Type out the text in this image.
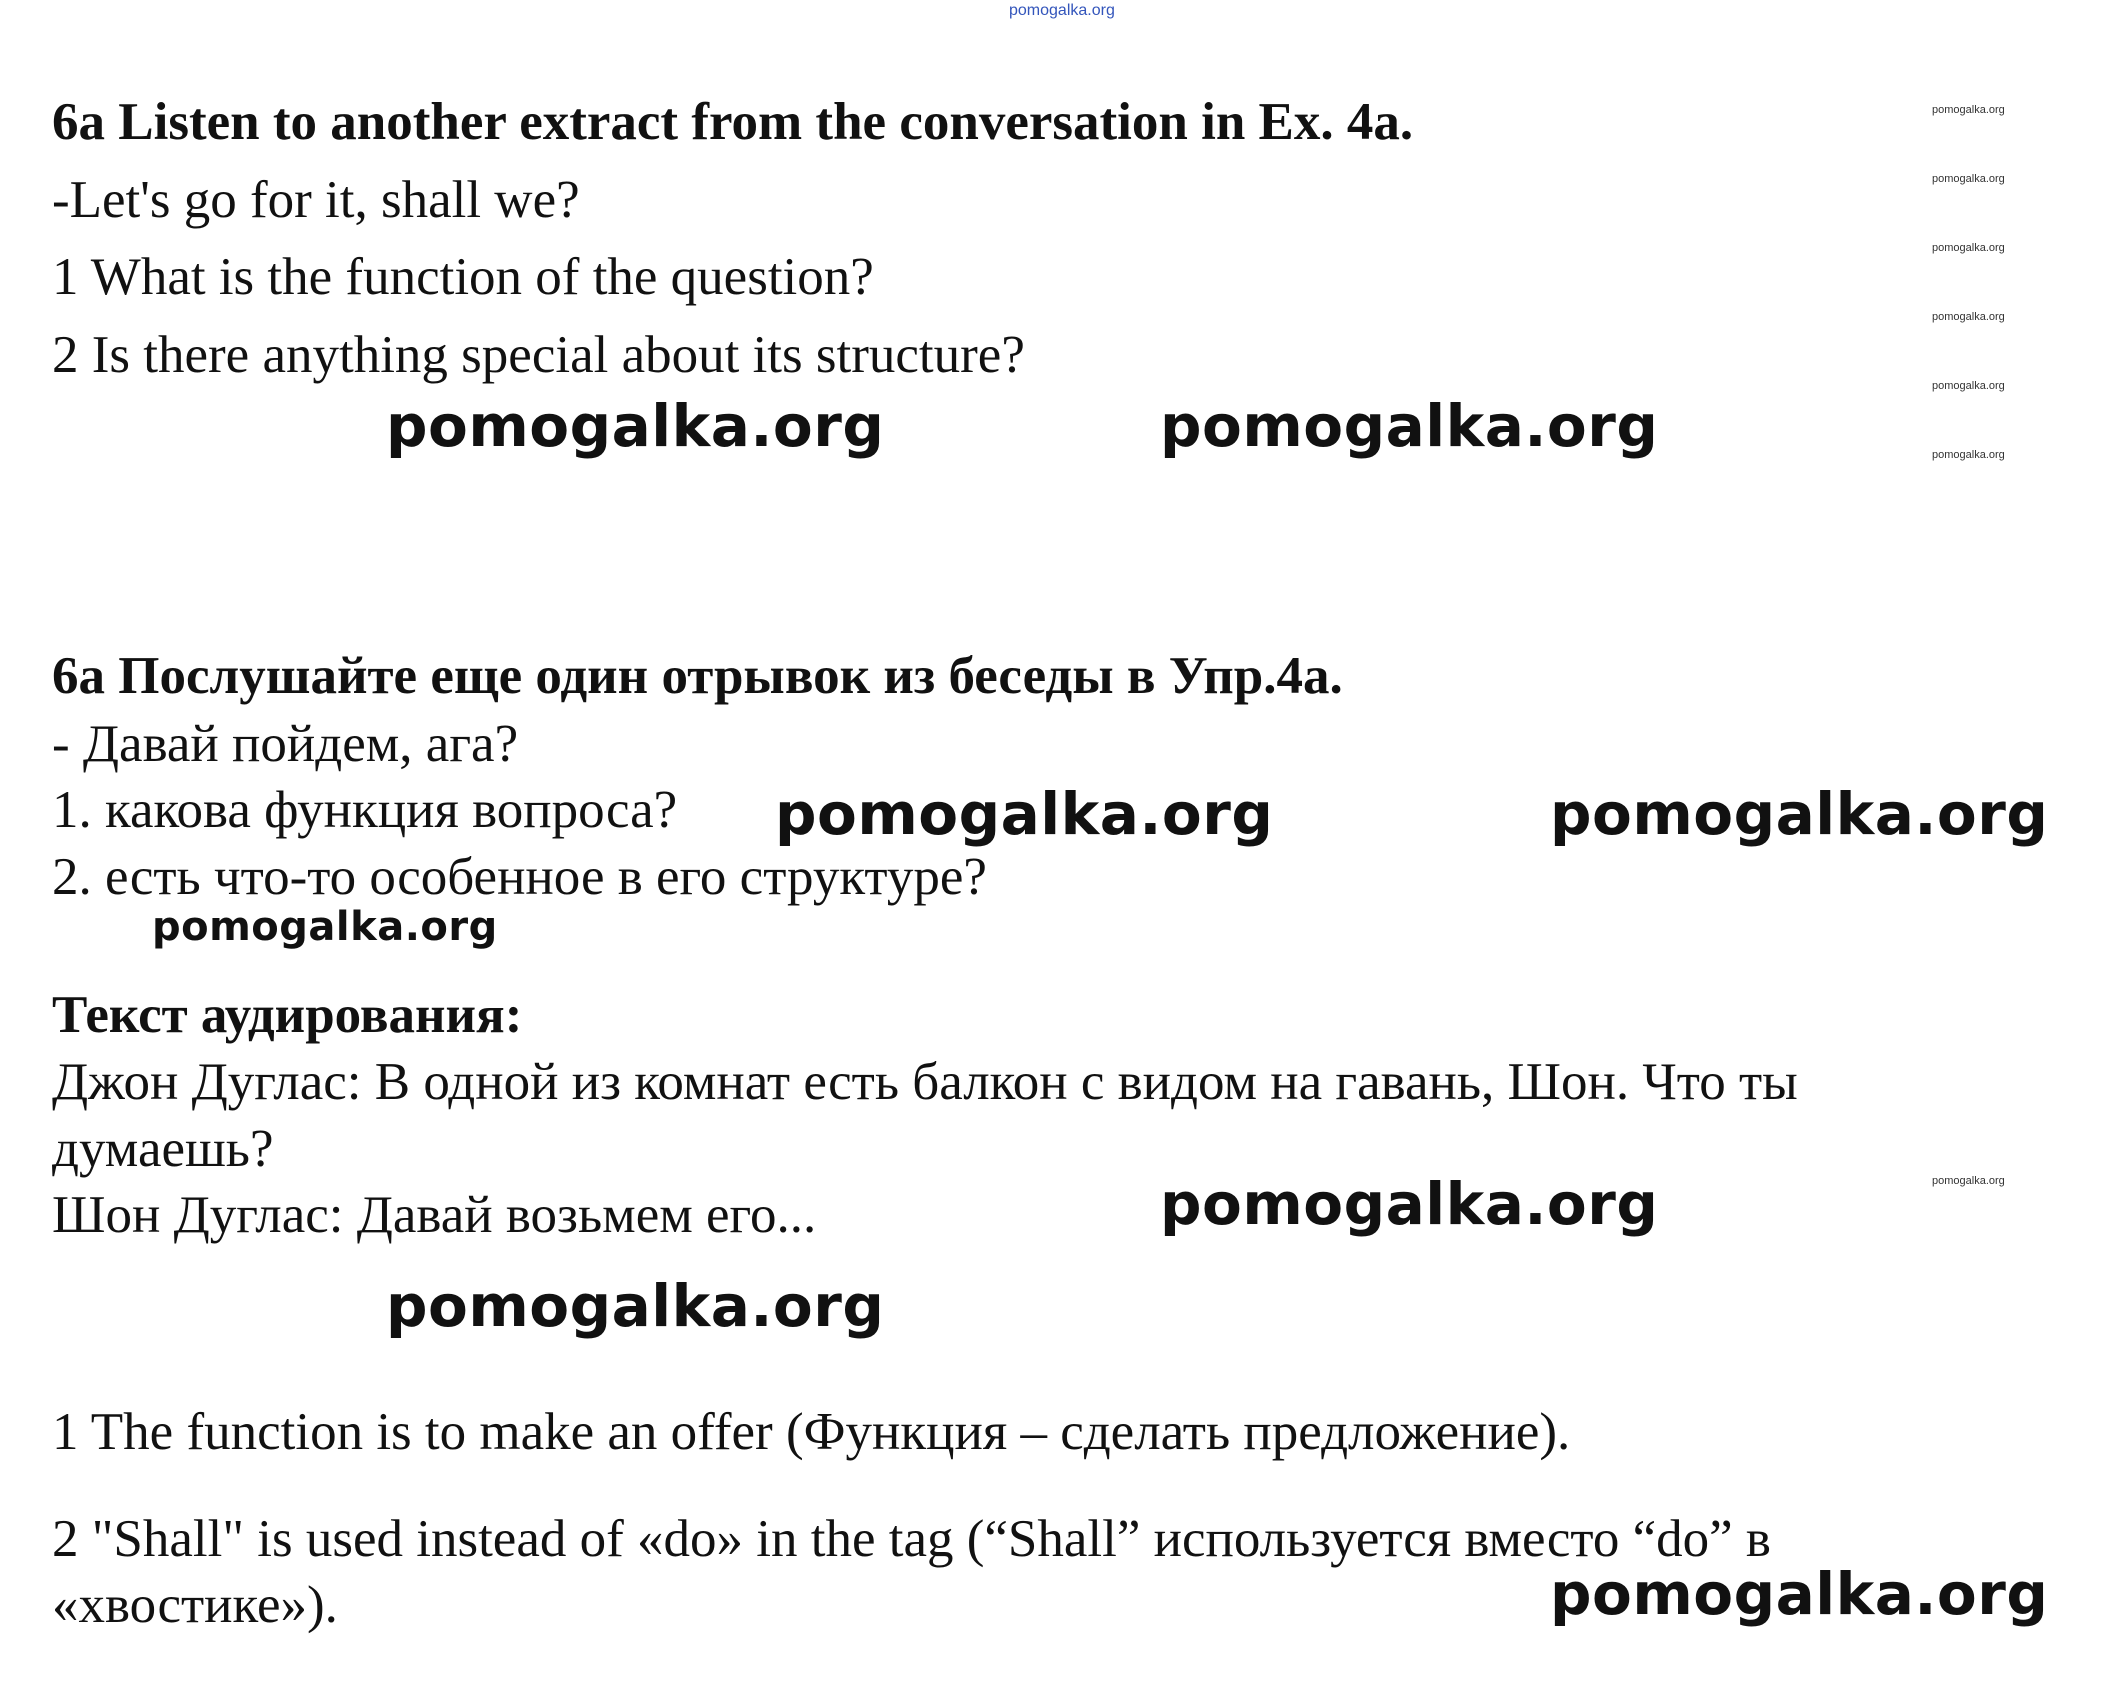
pomogalka.org
6a Listen to another extract from the conversation in Ex. 4a.
-Let's go for it, shall we?
1 What is the function of the question?
2 Is there anything special about its structure?
pomogalka.org	pomogalka.org
pomogalka.org
pomogalka.org
pomogalka.org
pomogalka.org
pomogalka.org
pomogalka.org
pomogalka.org
6a Послушайте еще один отрывок из беседы в Упр.4a.
- Давай пойдем, ага?
1. какова функция вопроса?
2. есть что-то особенное в его структуре?
pomogalka.org	pomogalka.org
pomogalka.org
Текст аудирования:
Джон Дуглас: В одной из комнат есть балкон с видом на гавань, Шон. Что ты
думаешь?
Шон Дуглас: Давай возьмем его...	pomogalka.org
pomogalka.org
1 The function is to make an offer (Функция – сделать предложение).
2 "Shall" is used instead of «do» in the tag (“Shall” используется вместо “do” в
«хвостике»).	pomogalka.org
